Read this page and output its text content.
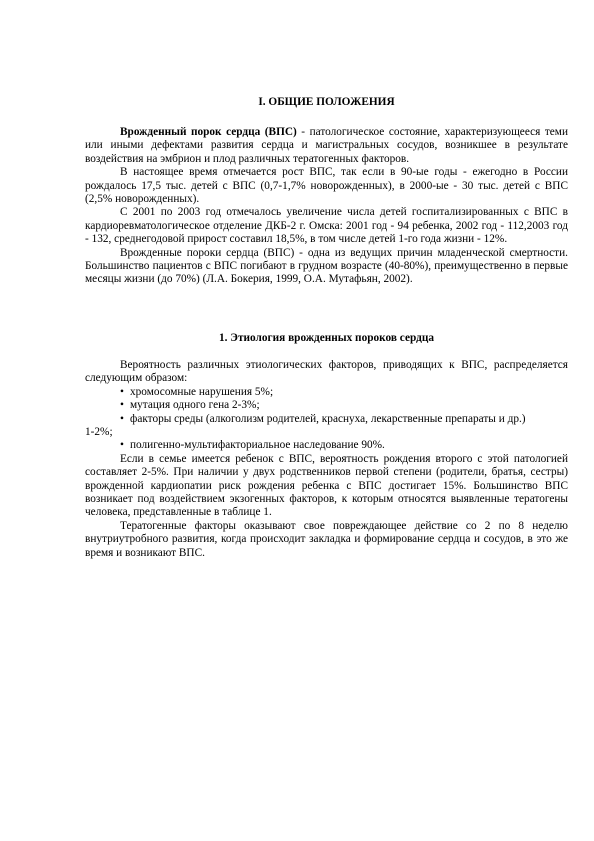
I. ОБЩИЕ ПОЛОЖЕНИЯ

Врожденный порок сердца (ВПС) - патологическое состояние, характеризующееся теми или иными дефектами развития сердца и магистральных сосудов, возникшее в результате воздействия на эмбрион и плод различных тератогенных факторов.

В настоящее время отмечается рост ВПС, так если в 90-ые годы - ежегодно в России рождалось 17,5 тыс. детей с ВПС (0,7-1,7% новорожденных), в 2000-ые - 30 тыс. детей с ВПС (2,5% новорожденных).

С 2001 по 2003 год отмечалось увеличение числа детей госпитализированных с ВПС в кардиоревматологическое отделение ДКБ-2 г. Омска: 2001 год - 94 ребенка, 2002 год - 112,2003 год - 132, среднегодовой прирост составил 18,5%, в том числе детей 1-го года жизни - 12%.

Врожденные пороки сердца (ВПС) - одна из ведущих причин младенческой смертности. Большинство пациентов с ВПС погибают в грудном возрасте (40-80%), преимущественно в первые месяцы жизни (до 70%) (Л.А. Бокерия, 1999, О.А. Мутафьян, 2002).

1. Этиология врожденных пороков сердца

Вероятность различных этиологических факторов, приводящих к ВПС, распределяется следующим образом:

• хромосомные нарушения 5%;
• мутация одного гена 2-3%;
• факторы среды (алкоголизм родителей, краснуха, лекарственные препараты и др.)

1-2%;

• полигенно-мультифакториальное наследование 90%.

Если в семье имеется ребенок с ВПС, вероятность рождения второго с этой патологией составляет 2-5%. При наличии у двух родственников первой степени (родители, братья, сестры) врожденной кардиопатии риск рождения ребенка с ВПС достигает 15%. Большинство ВПС возникает под воздействием экзогенных факторов, к которым относятся выявленные тератогены человека, представленные в таблице 1.

Тератогенные факторы оказывают свое повреждающее действие со 2 по 8 неделю внутриутробного развития, когда происходит закладка и формирование сердца и сосудов, в это же время и возникают ВПС.
